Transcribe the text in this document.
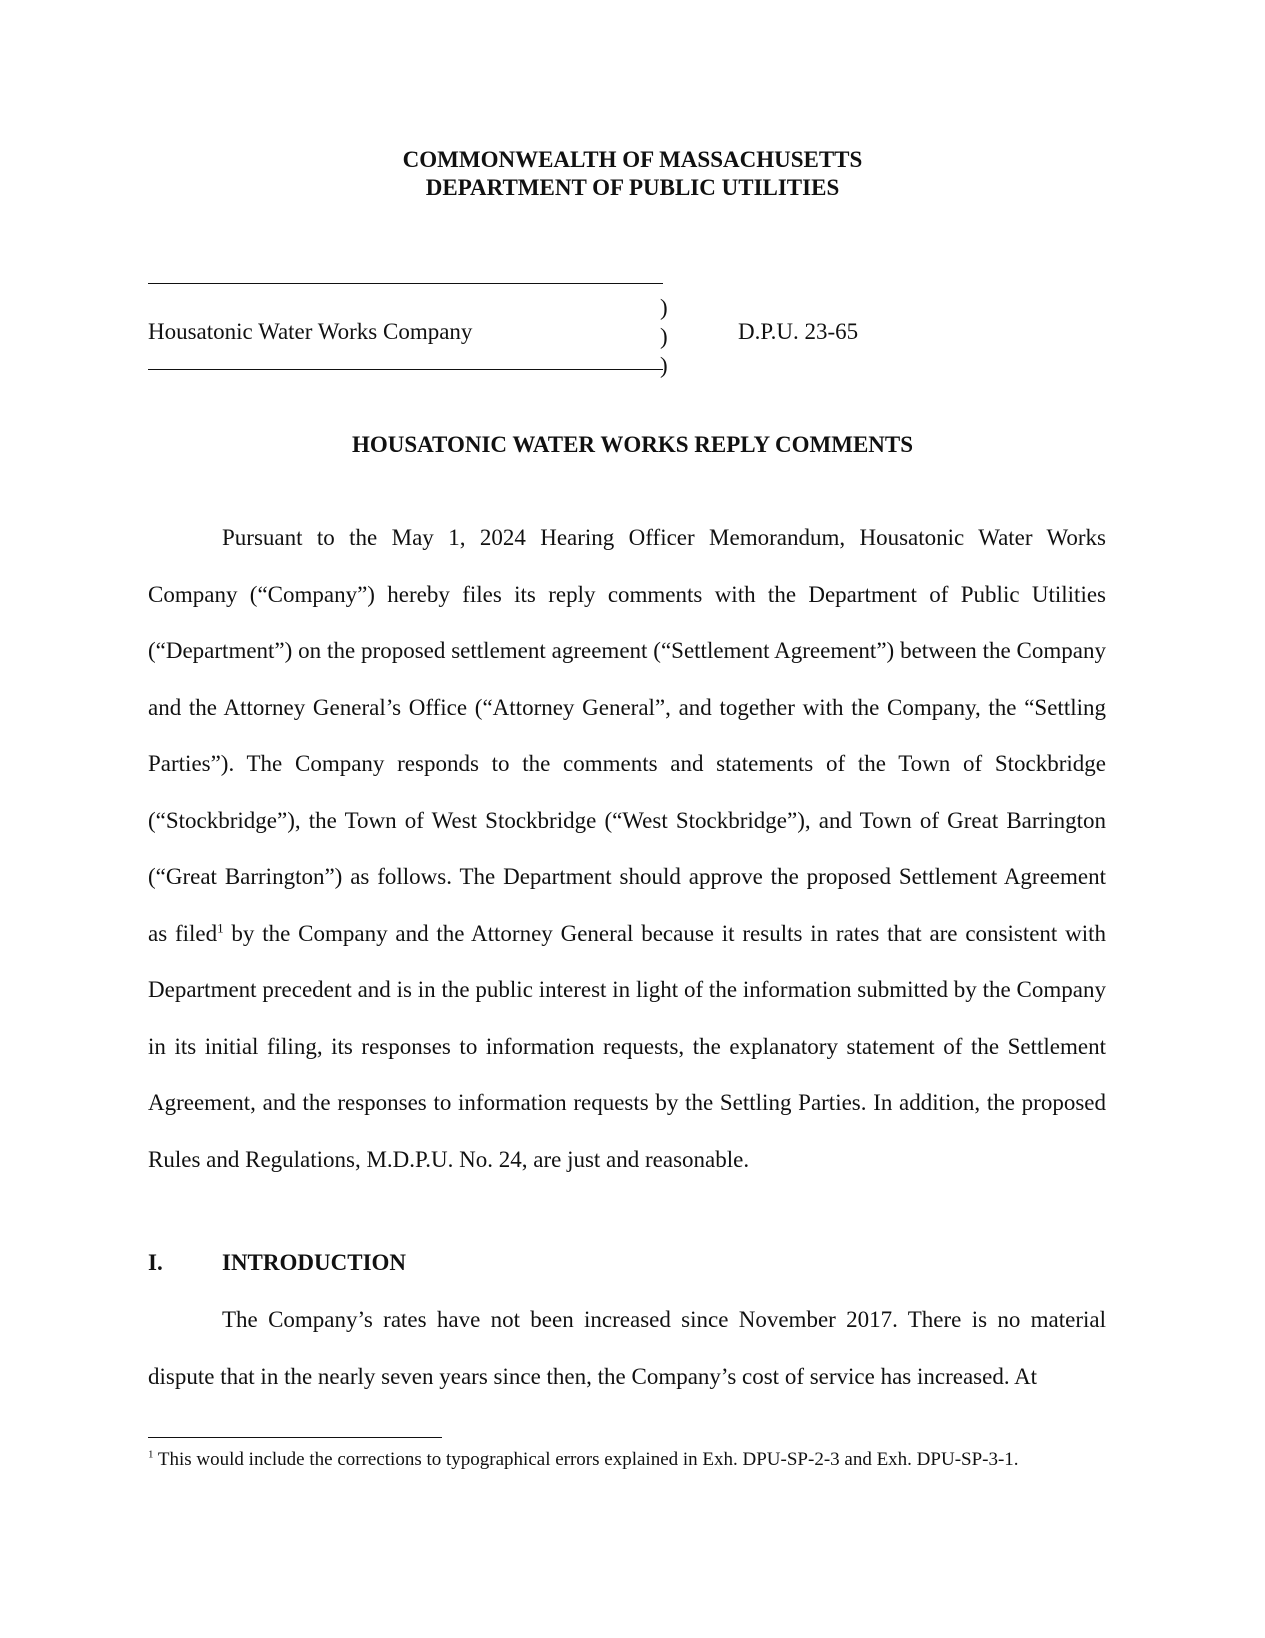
COMMONWEALTH OF MASSACHUSETTS
DEPARTMENT OF PUBLIC UTILITIES
Housatonic Water Works Company
)
)
)
D.P.U. 23-65
HOUSATONIC WATER WORKS REPLY COMMENTS

Pursuant to the May 1, 2024 Hearing Officer Memorandum, Housatonic Water Works Company (“Company”) hereby files its reply comments with the Department of Public Utilities (“Department”) on the proposed settlement agreement (“Settlement Agreement”) between the Company and the Attorney General’s Office (“Attorney General”, and together with the Company, the “Settling Parties”). The Company responds to the comments and statements of the Town of Stockbridge (“Stockbridge”), the Town of West Stockbridge (“West Stockbridge”), and Town of Great Barrington (“Great Barrington”) as follows. The Department should approve the proposed Settlement Agreement as filed$^1$ by the Company and the Attorney General because it results in rates that are consistent with Department precedent and is in the public interest in light of the information submitted by the Company in its initial filing, its responses to information requests, the explanatory statement of the Settlement Agreement, and the responses to information requests by the Settling Parties. In addition, the proposed Rules and Regulations, M.D.P.U. No. 24, are just and reasonable.

I.	INTRODUCTION

The Company’s rates have not been increased since November 2017. There is no material dispute that in the nearly seven years since then, the Company’s cost of service has increased. At

$^1$ This would include the corrections to typographical errors explained in Exh. DPU-SP-2-3 and Exh. DPU-SP-3-1.
